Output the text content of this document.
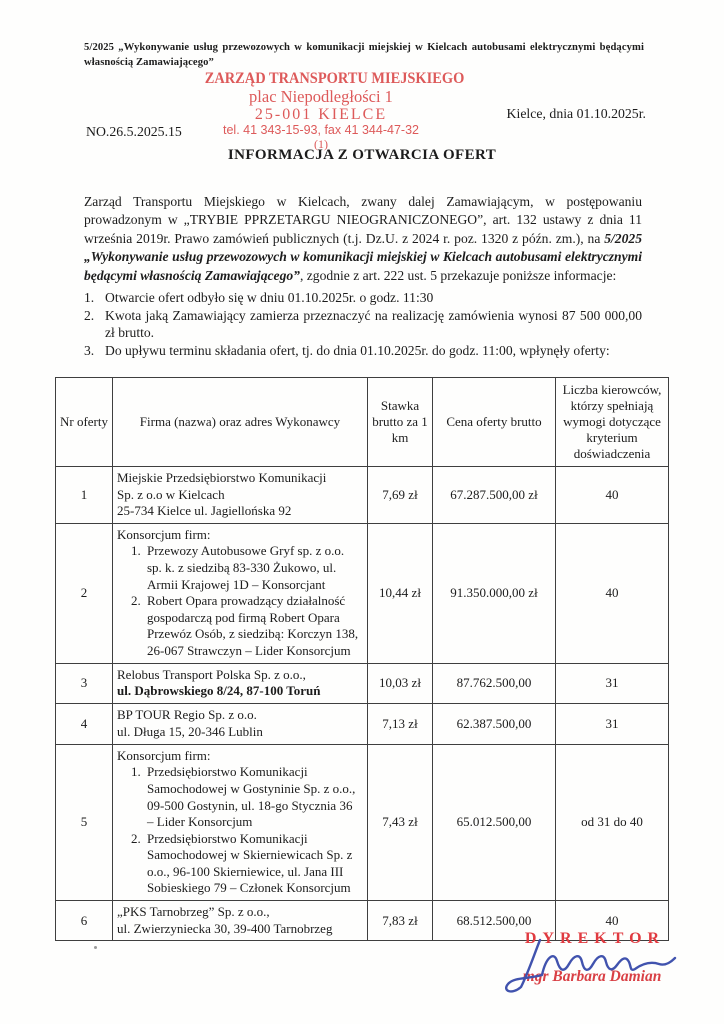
5/2025 „Wykonywanie usług przewozowych w komunikacji miejskiej w Kielcach autobusami elektrycznymi będącymi własnością Zamawiającego”
ZARZĄD TRANSPORTU MIEJSKIEGO
plac Niepodległości 1
25-001 KIELCE
tel. 41 343-15-93, fax 41 344-47-32
(1)
Kielce, dnia 01.10.2025r.
NO.26.5.2025.15
INFORMACJA Z OTWARCIA OFERT

Zarząd Transportu Miejskiego w Kielcach, zwany dalej Zamawiającym, w postępowaniu prowadzonym w „TRYBIE PPRZETARGU NIEOGRANICZONEGO”, art. 132 ustawy z dnia 11 września 2019r. Prawo zamówień publicznych (t.j. Dz.U. z 2024 r. poz. 1320 z późn. zm.), na 5/2025 „Wykonywanie usług przewozowych w komunikacji miejskiej w Kielcach autobusami elektrycznymi będącymi własnością Zamawiającego”, zgodnie z art. 222 ust. 5 przekazuje poniższe informacje:

1. Otwarcie ofert odbyło się w dniu 01.10.2025r. o godz. 11:30
2. Kwota jaką Zamawiający zamierza przeznaczyć na realizację zamówienia wynosi 87 500 000,00 zł brutto.
3. Do upływu terminu składania ofert, tj. do dnia 01.10.2025r. do godz. 11:00, wpłynęły oferty:
Nr oferty	Firma (nazwa) oraz adres Wykonawcy	Stawka brutto za 1 km	Cena oferty brutto	Liczba kierowców, którzy spełniają wymogi dotyczące kryterium doświadczenia
1	Miejskie Przedsiębiorstwo Komunikacji
Sp. z o.o w Kielcach
25-734 Kielce ul. Jagiellońska 92	7,69 zł	67.287.500,00 zł	40
2	Konsorcjum firm:
1. Przewozy Autobusowe Gryf sp. z o.o. sp. k. z siedzibą 83-330 Żukowo, ul. Armii Krajowej 1D – Konsorcjant
2. Robert Opara prowadzący działalność gospodarczą pod firmą Robert Opara Przewóz Osób, z siedzibą: Korczyn 138, 26-067 Strawczyn – Lider Konsorcjum	10,44 zł	91.350.000,00 zł	40
3	Relobus Transport Polska Sp. z o.o.,
ul. Dąbrowskiego 8/24, 87-100 Toruń	10,03 zł	87.762.500,00	31
4	BP TOUR Regio Sp. z o.o.
ul. Długa 15, 20-346 Lublin	7,13 zł	62.387.500,00	31
5	Konsorcjum firm:
1. Przedsiębiorstwo Komunikacji Samochodowej w Gostyninie Sp. z o.o., 09-500 Gostynin, ul. 18-go Stycznia 36 – Lider Konsorcjum
2. Przedsiębiorstwo Komunikacji Samochodowej w Skierniewicach Sp. z o.o., 96-100 Skierniewice, ul. Jana III Sobieskiego 79 – Członek Konsorcjum	7,43 zł	65.012.500,00	od 31 do 40
6	„PKS Tarnobrzeg” Sp. z o.o.,
ul. Zwierzyniecka 30, 39-400 Tarnobrzeg	7,83 zł	68.512.500,00	40
DYREKTOR
mgr Barbara Damian
